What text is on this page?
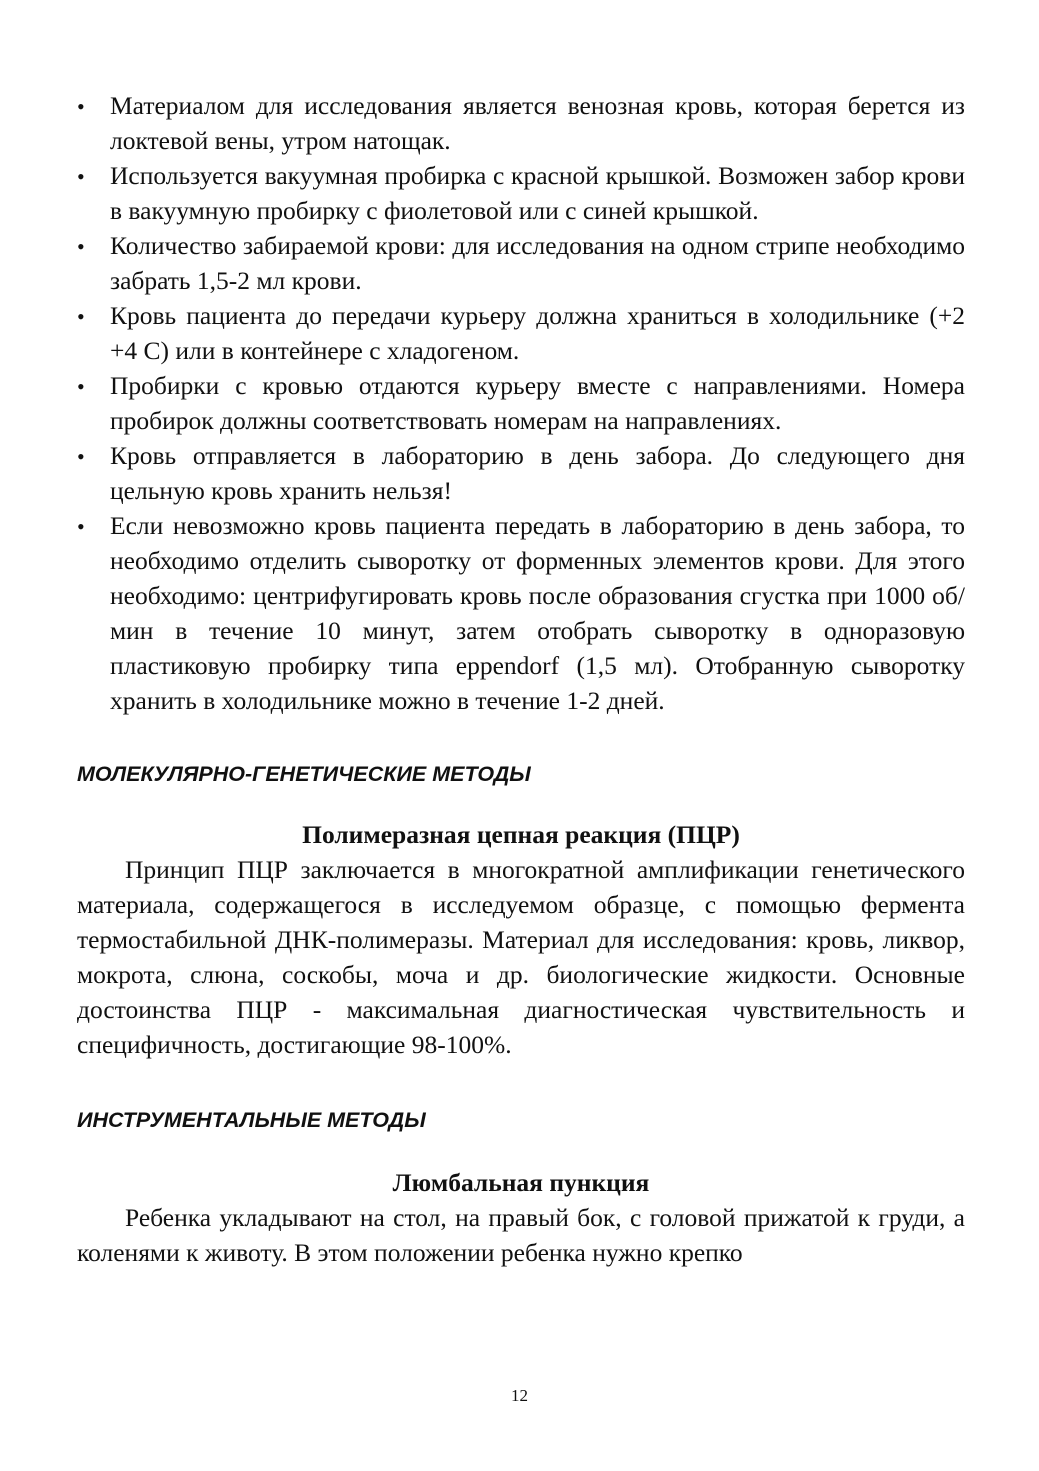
• Материалом для исследования является венозная кровь, которая берется из локтевой вены, утром натощак.
• Используется вакуумная пробирка с красной крышкой. Возможен забор крови в вакуумную пробирку с фиолетовой или с синей крышкой.
• Количество забираемой крови: для исследования на одном стрипе необходимо забрать 1,5-2 мл крови.
• Кровь пациента до передачи курьеру должна храниться в холодильнике (+2 +4 C) или в контейнере с хладогеном.
• Пробирки с кровью отдаются курьеру вместе с направлениями. Номера пробирок должны соответствовать номерам на направлениях.
• Кровь отправляется в лабораторию в день забора. До следующего дня цельную кровь хранить нельзя!
• Если невозможно кровь пациента передать в лабораторию в день забора, то необходимо отделить сыворотку от форменных элементов крови. Для этого необходимо: центрифугировать кровь после образования сгустка при 1000 об/мин в течение 10 минут, затем отобрать сыворотку в одноразовую пластиковую пробирку типа eppendorf (1,5 мл). Отобранную сыворотку хранить в холодильнике можно в течение 1-2 дней.
МОЛЕКУЛЯРНО-ГЕНЕТИЧЕСКИЕ МЕТОДЫ
Полимеразная цепная реакция (ПЦР)

Принцип ПЦР заключается в многократной амплификации генетического материала, содержащегося в исследуемом образце, с помощью фермента термостабильной ДНК-полимеразы. Материал для исследования: кровь, ликвор, мокрота, слюна, соскобы, моча и др. биологические жидкости. Основные достоинства ПЦР - максимальная диагностическая чувствительность и специфичность, достигающие 98-100%.

ИНСТРУМЕНТАЛЬНЫЕ МЕТОДЫ
Люмбальная пункция

Ребенка укладывают на стол, на правый бок, с головой прижатой к груди, а коленями к животу. В этом положении ребенка нужно крепко

12
